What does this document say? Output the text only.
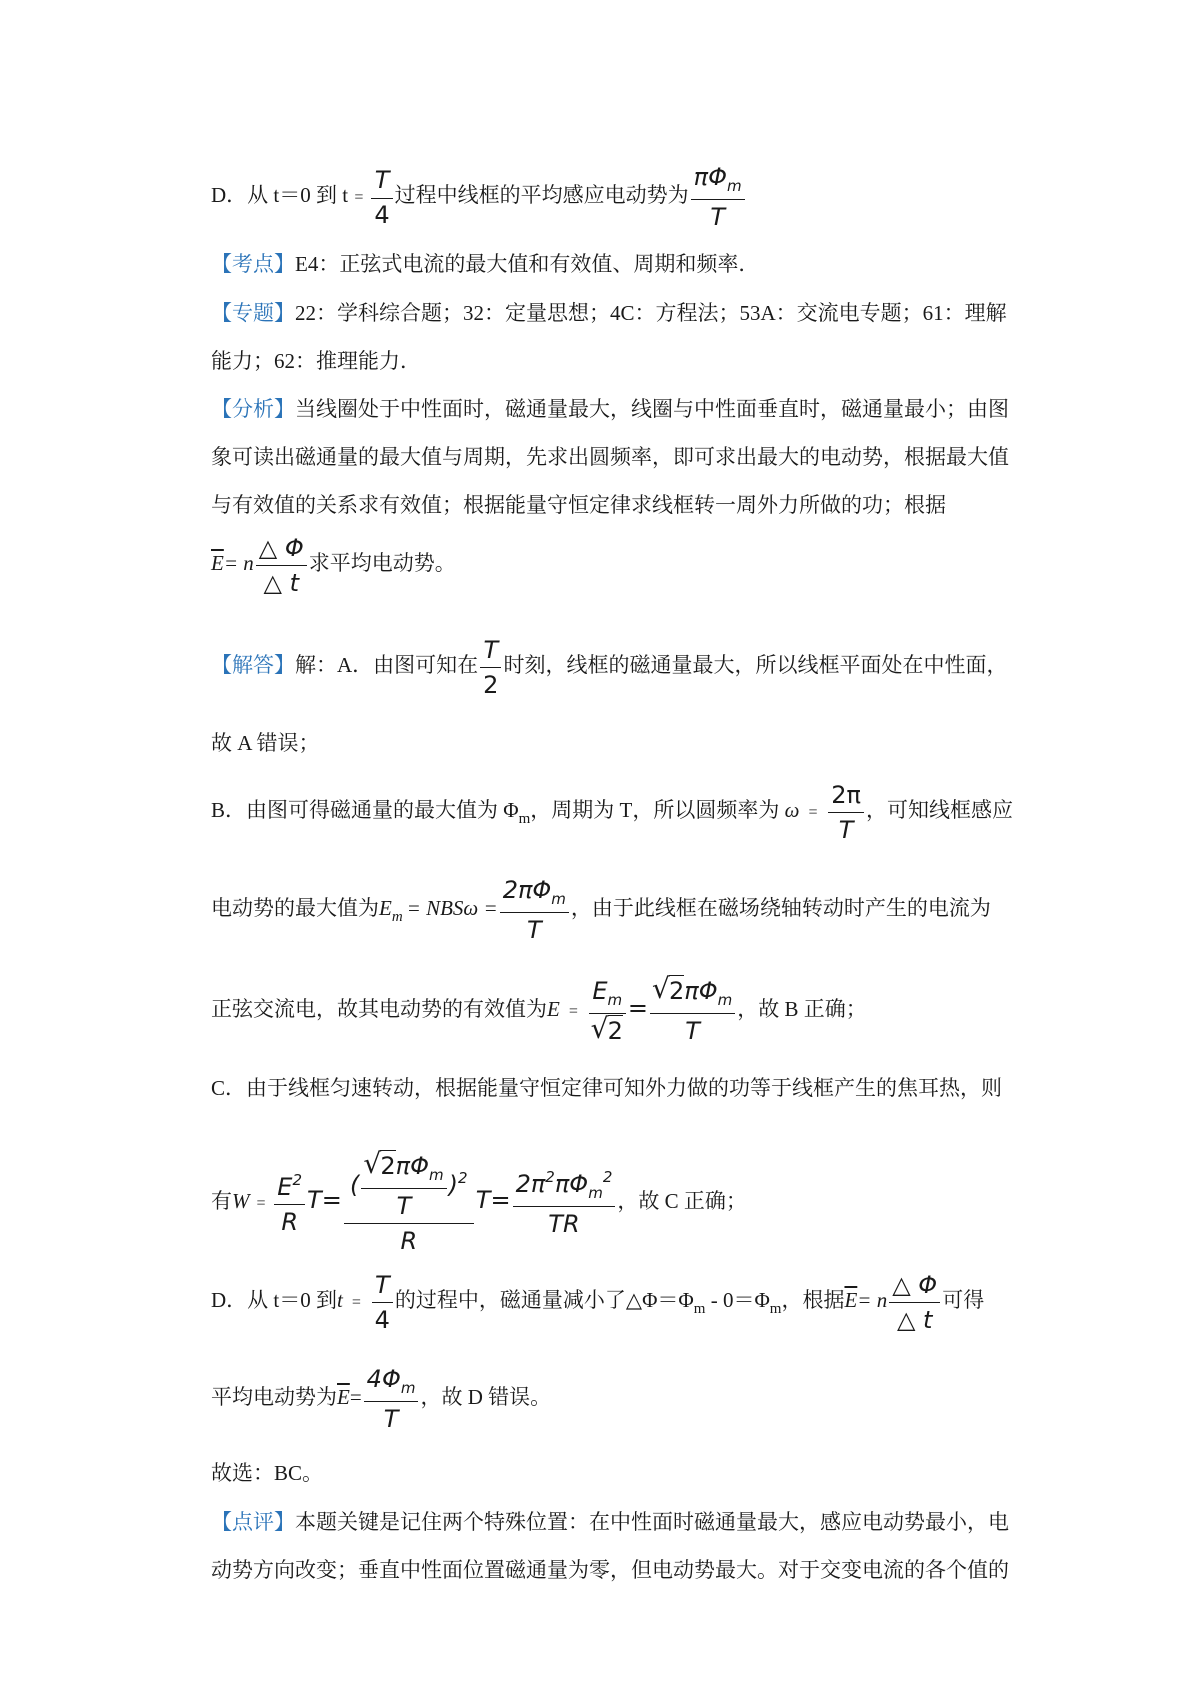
D．从 t＝0 到 $t = \frac{T}{4}$ 过程中线框的平均感应电动势为 $\frac{\pi\Phi_m}{T}$
【考点】E4：正弦式电流的最大值和有效值、周期和频率．
【专题】22：学科综合题；32：定量思想；4C：方程法；53A：交流电专题；61：理解
能力；62：推理能力．
【分析】当线圈处于中性面时，磁通量最大，线圈与中性面垂直时，磁通量最小；由图
象可读出磁通量的最大值与周期，先求出圆频率，即可求出最大的电动势，根据最大值
与有效值的关系求有效值；根据能量守恒定律求线框转一周外力所做的功；根据
$\overline{E}= n \frac{\triangle \Phi}{\triangle t}$ 求平均电动势。
【解答】解：A．由图可知在 $\frac{T}{2}$ 时刻，线框的磁通量最大，所以线框平面处在中性面，
故 A 错误；
B．由图可得磁通量的最大值为 $\Phi_m$，周期为 T，所以圆频率为 $\omega = \frac{2\pi}{T}$ ，可知线框感应
电动势的最大值为$E_m = NBS\omega = \frac{2\pi\Phi_m}{T}$ ，由于此线框在磁场绕轴转动时产生的电流为
正弦交流电，故其电动势的有效值为$E = E_m$
√ 2 = √ $\frac{2\pi\Phi_m}{T}$ ，故 B 正确；
C．由于线框匀速转动，根据能量守恒定律可知外力做的功等于线框产生的焦耳热，则
有$W = \frac{E^2}{R} T= \frac{( √ \frac{2\pi\Phi_m}{T} )^2}{R} T= \frac{2\pi^2\pi\Phi_m^2}{TR}$ ，故 C 正确；
D．从 t＝0 到$t = \frac{T}{4}$ 的过程中，磁通量减小了$\triangle\Phi=\Phi_m - 0=\Phi_m$，根据$\overline{E}= n \frac{\triangle \Phi}{\triangle t}$ 可得
平均电动势为$\overline{E}= \frac{4\Phi_m}{T}$ ，故 D 错误。
故选：BC。
【点评】本题关键是记住两个特殊位置：在中性面时磁通量最大，感应电动势最小，电
动势方向改变；垂直中性面位置磁通量为零，但电动势最大。对于交变电流的各个值的
